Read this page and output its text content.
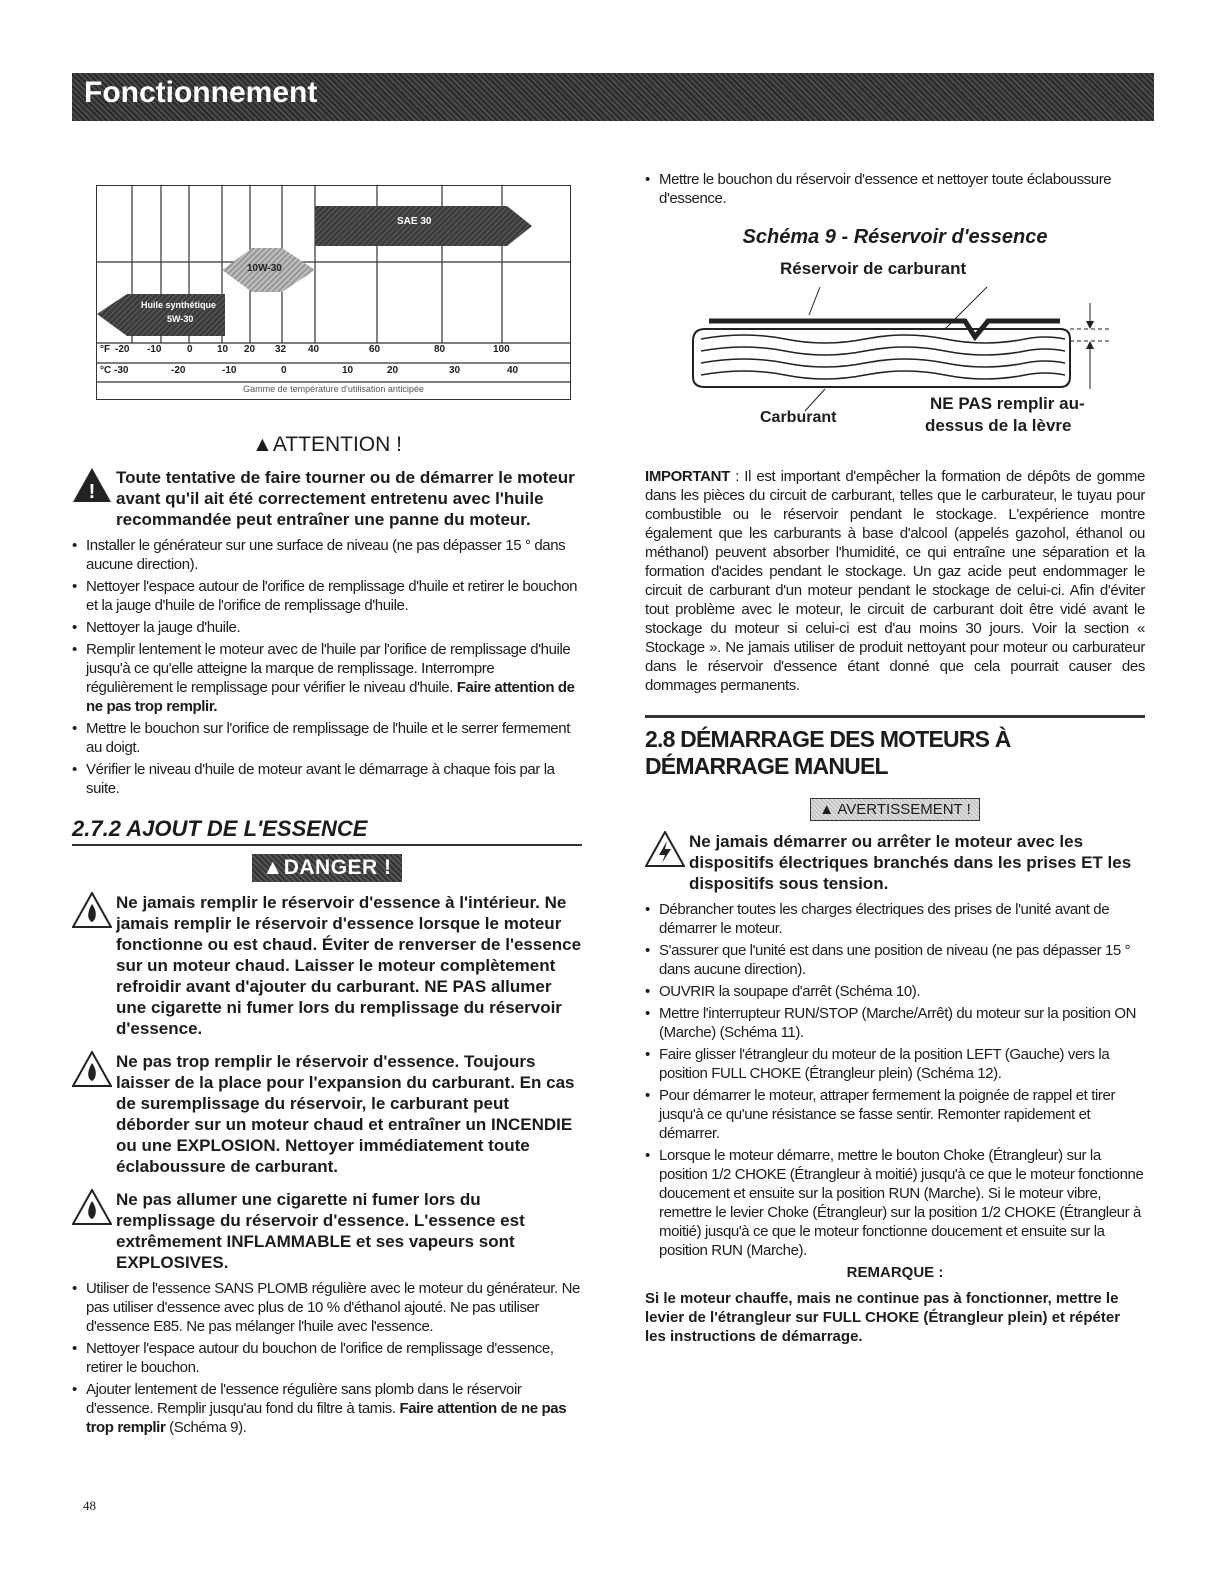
Fonctionnement
SAE 30
10W-30
Huile synthétique
5W-30
°F -20 -10	0 10 20 32 40	60	80	100
°C -30	-20	-10	0	10	20	30	40
Gamme de température d'utilisation anticipée
▲ATTENTION !
!
Toute tentative de faire tourner ou de démarrer le moteur avant qu'il ait été correctement entretenu avec l'huile recommandée peut entraîner une panne du moteur.
• Installer le générateur sur une surface de niveau (ne pas dépasser 15 ° dans aucune direction).
• Nettoyer l'espace autour de l'orifice de remplissage d'huile et retirer le bouchon et la jauge d'huile de l'orifice de remplissage d'huile.
• Nettoyer la jauge d'huile.
• Remplir lentement le moteur avec de l'huile par l'orifice de remplissage d'huile jusqu'à ce qu'elle atteigne la marque de remplissage. Interrompre régulièrement le remplissage pour vérifier le niveau d'huile. Faire attention de ne pas trop remplir.
• Mettre le bouchon sur l'orifice de remplissage de l'huile et le serrer fermement au doigt.
• Vérifier le niveau d'huile de moteur avant le démarrage à chaque fois par la suite.
2.7.2 AJOUT DE L'ESSENCE
▲DANGER !
Ne jamais remplir le réservoir d'essence à l'intérieur. Ne jamais remplir le réservoir d'essence lorsque le moteur fonctionne ou est chaud. Éviter de renverser de l'essence sur un moteur chaud. Laisser le moteur complètement refroidir avant d'ajouter du carburant. NE PAS allumer une cigarette ni fumer lors du remplissage du réservoir d'essence.
Ne pas trop remplir le réservoir d'essence. Toujours laisser de la place pour l'expansion du carburant. En cas de suremplissage du réservoir, le carburant peut déborder sur un moteur chaud et entraîner un INCENDIE ou une EXPLOSION. Nettoyer immédiatement toute éclaboussure de carburant.
Ne pas allumer une cigarette ni fumer lors du remplissage du réservoir d'essence. L'essence est extrêmement INFLAMMABLE et ses vapeurs sont EXPLOSIVES.
• Utiliser de l'essence SANS PLOMB régulière avec le moteur du générateur. Ne pas utiliser d'essence avec plus de 10 % d'éthanol ajouté. Ne pas utiliser d'essence E85. Ne pas mélanger l'huile avec l'essence.
• Nettoyer l'espace autour du bouchon de l'orifice de remplissage d'essence, retirer le bouchon.
• Ajouter lentement de l'essence régulière sans plomb dans le réservoir d'essence. Remplir jusqu'au fond du filtre à tamis. Faire attention de ne pas trop remplir (Schéma 9).
• Mettre le bouchon du réservoir d'essence et nettoyer toute éclaboussure d'essence.
Schéma 9 - Réservoir d'essence
Réservoir de carburant
Carburant
NE PAS remplir au-
dessus de la lèvre

IMPORTANT : Il est important d'empêcher la formation de dépôts de gomme dans les pièces du circuit de carburant, telles que le carburateur, le tuyau pour combustible ou le réservoir pendant le stockage. L'expérience montre également que les carburants à base d'alcool (appelés gazohol, éthanol ou méthanol) peuvent absorber l'humidité, ce qui entraîne une séparation et la formation d'acides pendant le stockage. Un gaz acide peut endommager le circuit de carburant d'un moteur pendant le stockage de celui-ci. Afin d'éviter tout problème avec le moteur, le circuit de carburant doit être vidé avant le stockage du moteur si celui-ci est d'au moins 30 jours. Voir la section « Stockage ». Ne jamais utiliser de produit nettoyant pour moteur ou carburateur dans le réservoir d'essence étant donné que cela pourrait causer des dommages permanents.

2.8 DÉMARRAGE DES MOTEURS À DÉMARRAGE MANUEL
▲ AVERTISSEMENT !
Ne jamais démarrer ou arrêter le moteur avec les dispositifs électriques branchés dans les prises ET les dispositifs sous tension.
• Débrancher toutes les charges électriques des prises de l'unité avant de démarrer le moteur.
• S'assurer que l'unité est dans une position de niveau (ne pas dépasser 15 ° dans aucune direction).
• OUVRIR la soupape d'arrêt (Schéma 10).
• Mettre l'interrupteur RUN/STOP (Marche/Arrêt) du moteur sur la position ON (Marche) (Schéma 11).
• Faire glisser l'étrangleur du moteur de la position LEFT (Gauche) vers la position FULL CHOKE (Étrangleur plein) (Schéma 12).
• Pour démarrer le moteur, attraper fermement la poignée de rappel et tirer jusqu'à ce qu'une résistance se fasse sentir. Remonter rapidement et démarrer.
• Lorsque le moteur démarre, mettre le bouton Choke (Étrangleur) sur la position 1/2 CHOKE (Étrangleur à moitié) jusqu'à ce que le moteur fonctionne doucement et ensuite sur la position RUN (Marche). Si le moteur vibre, remettre le levier Choke (Étrangleur) sur la position 1/2 CHOKE (Étrangleur à moitié) jusqu'à ce que le moteur fonctionne doucement et ensuite sur la position RUN (Marche).
REMARQUE :

Si le moteur chauffe, mais ne continue pas à fonctionner, mettre le levier de l'étrangleur sur FULL CHOKE (Étrangleur plein) et répéter les instructions de démarrage.

48
